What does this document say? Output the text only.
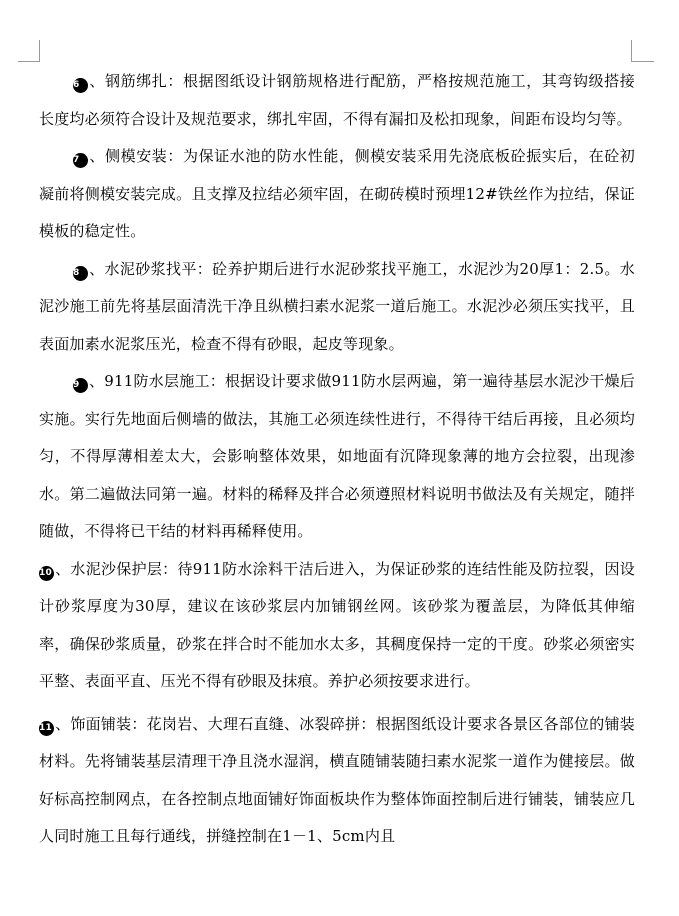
6 、钢筋绑扎：根据图纸设计钢筋规格进行配筋，严格按规范施工，其弯钩级搭接长度均必须符合设计及规范要求，绑扎牢固，不得有漏扣及松扣现象，间距布设均匀等。

7 、侧模安装：为保证水池的防水性能，侧模安装采用先浇底板砼振实后，在砼初凝前将侧模安装完成。且支撑及拉结必须牢固，在砌砖模时预埋12#铁丝作为拉结，保证模板的稳定性。

8 、水泥砂浆找平：砼养护期后进行水泥砂浆找平施工，水泥沙为20厚1：2.5。水泥沙施工前先将基层面清洗干净且纵横扫素水泥浆一道后施工。水泥沙必须压实找平，且表面加素水泥浆压光，检查不得有砂眼，起皮等现象。

9 、911防水层施工：根据设计要求做911防水层两遍，第一遍待基层水泥沙干燥后实施。实行先地面后侧墙的做法，其施工必须连续性进行，不得待干结后再接，且必须均匀，不得厚薄相差太大，会影响整体效果，如地面有沉降现象薄的地方会拉裂，出现渗水。第二遍做法同第一遍。材料的稀释及拌合必须遵照材料说明书做法及有关规定，随拌随做，不得将已干结的材料再稀释使用。

10 、水泥沙保护层：待911防水涂料干洁后进入，为保证砂浆的连结性能及防拉裂，因设计砂浆厚度为30厚，建议在该砂浆层内加铺钢丝网。该砂浆为覆盖层，为降低其伸缩率，确保砂浆质量，砂浆在拌合时不能加水太多，其稠度保持一定的干度。砂浆必须密实平整、表面平直、压光不得有砂眼及抹痕。养护必须按要求进行。

11 、饰面铺装：花岗岩、大理石直缝、冰裂碎拼：根据图纸设计要求各景区各部位的铺装材料。先将铺装基层清理干净且浇水湿润，横直随铺装随扫素水泥浆一道作为健接层。做好标高控制网点，在各控制点地面铺好饰面板块作为整体饰面控制后进行铺装，铺装应几人同时施工且每行通线，拼缝控制在1－1、5cm内且
